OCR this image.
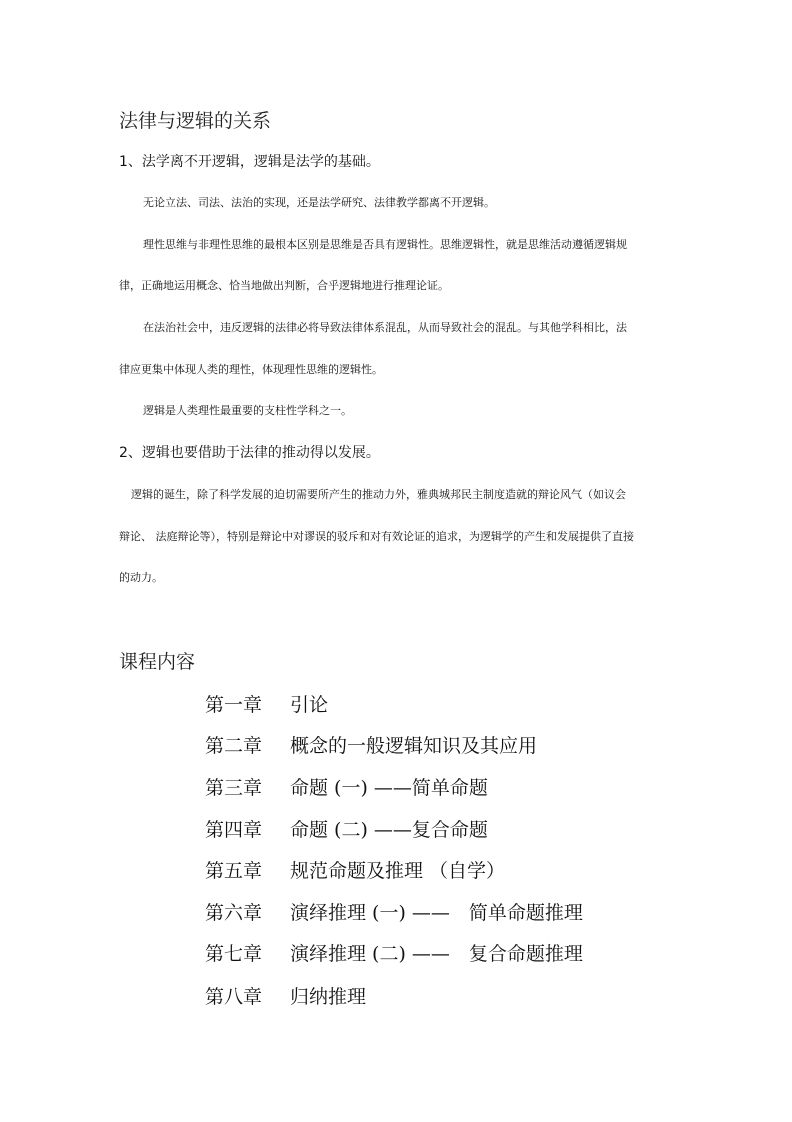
法律与逻辑的关系
1、法学离不开逻辑，逻辑是法学的基础。
无论立法、司法、法治的实现，还是法学研究、法律教学都离不开逻辑。
理性思维与非理性思维的最根本区别是思维是否具有逻辑性。思维逻辑性，就是思维活动遵循逻辑规
律，正确地运用概念、恰当地做出判断，合乎逻辑地进行推理论证。
在法治社会中，违反逻辑的法律必将导致法律体系混乱，从而导致社会的混乱。与其他学科相比，法
律应更集中体现人类的理性，体现理性思维的逻辑性。
逻辑是人类理性最重要的支柱性学科之一。
2、逻辑也要借助于法律的推动得以发展。
逻辑的诞生，除了科学发展的迫切需要所产生的推动力外，雅典城邦民主制度造就的辩论风气（如议会
辩论、 法庭辩论等），特别是辩论中对谬误的驳斥和对有效论证的追求，为逻辑学的产生和发展提供了直接
的动力。
课程内容
第一章 引论
第二章 概念的一般逻辑知识及其应用
第三章 命题 (一) ——简单命题
第四章 命题 (二) ——复合命题
第五章 规范命题及推理 （自学）
第六章 演绎推理 (一) ——　简单命题推理
第七章 演绎推理 (二) ——　复合命题推理
第八章 归纳推理
